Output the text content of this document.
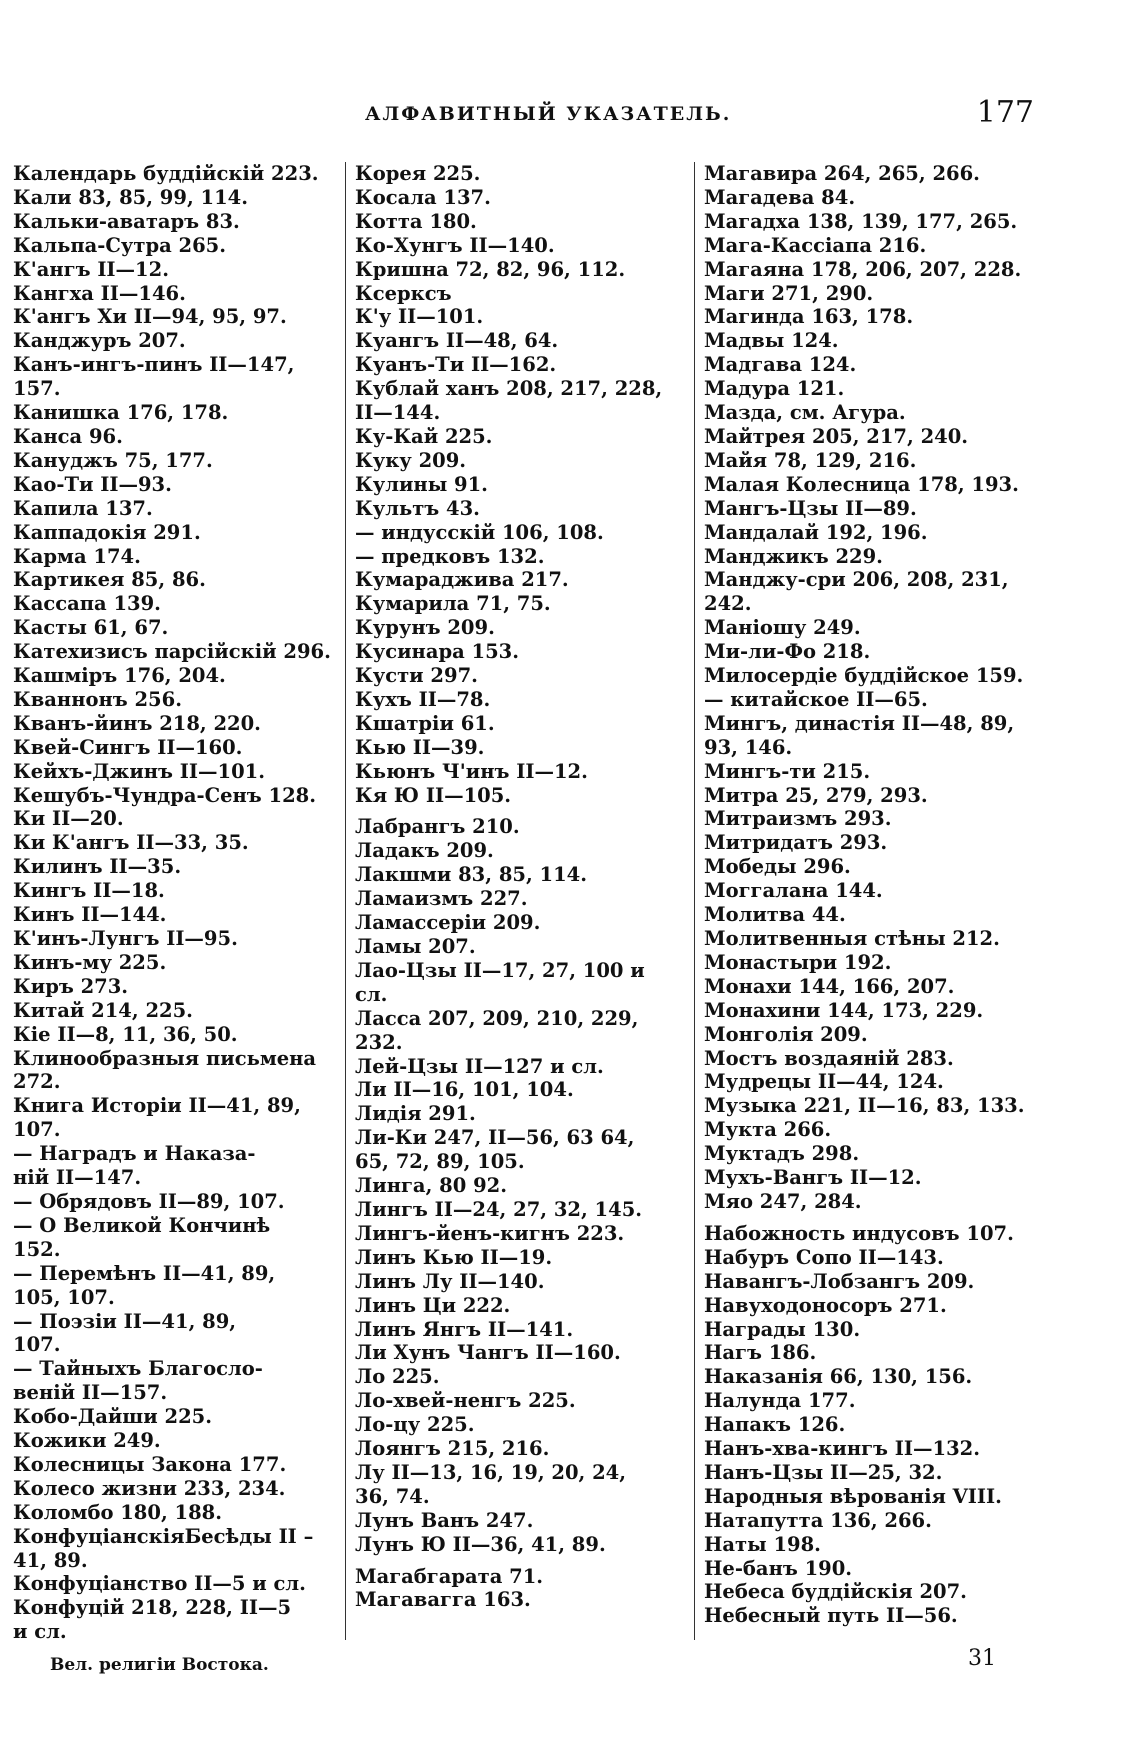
АЛФАВИТНЫЙ УКАЗАТЕЛЬ.	177
Календарь буддійскій 223.
Кали 83, 85, 99, 114.
Кальки-аватаръ 83.
Кальпа-Сутра 265.
К'ангъ II—12.
Кангха II—146.
К'ангъ Хи II—94, 95, 97.
Канджуръ 207.
Канъ-ингъ-пинъ II—147,
157.
Канишка 176, 178.
Канса 96.
Кануджъ 75, 177.
Као-Ти II—93.
Капила 137.
Каппадокія 291.
Карма 174.
Картикея 85, 86.
Кассапа 139.
Касты 61, 67.
Катехизисъ парсійскій 296.
Кашміръ 176, 204.
Кваннонъ 256.
Кванъ-йинъ 218, 220.
Квей-Сингъ II—160.
Кейхъ-Джинъ II—101.
Кешубъ-Чундра-Сенъ 128.
Ки II—20.
Ки К'ангъ II—33, 35.
Килинъ II—35.
Кингъ II—18.
Кинъ II—144.
К'инъ-Лунгъ II—95.
Кинъ-му 225.
Киръ 273.
Китай 214, 225.
Кіе II—8, 11, 36, 50.
Клинообразныя письмена
272.
Книга Исторіи II—41, 89,
107.
— Наградъ и Наказа-
ній II—147.
— Обрядовъ II—89, 107.
— О Великой Кончинѣ
152.
— Перемѣнъ II—41, 89,
105, 107.
— Поэзіи II—41, 89,
107.
— Тайныхъ Благосло-
веній II—157.
Кобо-Дайши 225.
Кожики 249.
Колесницы Закона 177.
Колесо жизни 233, 234.
Коломбо 180, 188.
КонфуціанскіяБесѣды II –
41, 89.
Конфуціанство II—5 и сл.
Конфуцій 218, 228, II—5
и сл.
Корея 225.
Косала 137.
Котта 180.
Ко-Хунгъ II—140.
Кришна 72, 82, 96, 112.
Ксерксъ
К'у II—101.
Куангъ II—48, 64.
Куанъ-Ти II—162.
Кублай ханъ 208, 217, 228,
II—144.
Ку-Кай 225.
Куку 209.
Кулины 91.
Культъ 43.
— индусскій 106, 108.
— предковъ 132.
Кумараджива 217.
Кумарила 71, 75.
Курунъ 209.
Кусинара 153.
Кусти 297.
Кухъ II—78.
Кшатріи 61.
Кью II—39.
Кьюнъ Ч'инъ II—12.
Кя Ю II—105.
Лабрангъ 210.
Ладакъ 209.
Лакшми 83, 85, 114.
Ламаизмъ 227.
Ламассеріи 209.
Ламы 207.
Лао-Цзы II—17, 27, 100 и
сл.
Ласса 207, 209, 210, 229,
232.
Лей-Цзы II—127 и сл.
Ли II—16, 101, 104.
Лидія 291.
Ли-Ки 247, II—56, 63 64,
65, 72, 89, 105.
Линга, 80 92.
Лингъ II—24, 27, 32, 145.
Лингъ-йенъ-кигнъ 223.
Линъ Кью II—19.
Линъ Лу II—140.
Линъ Ци 222.
Линъ Янгъ II—141.
Ли Хунъ Чангъ II—160.
Ло 225.
Ло-хвей-ненгъ 225.
Ло-цу 225.
Лоянгъ 215, 216.
Лу II—13, 16, 19, 20, 24,
36, 74.
Лунъ Ванъ 247.
Лунъ Ю II—36, 41, 89.
Магабгарата 71.
Магавагга 163.
Магавира 264, 265, 266.
Магадева 84.
Магадха 138, 139, 177, 265.
Мага-Кассіапа 216.
Магаяна 178, 206, 207, 228.
Маги 271, 290.
Магинда 163, 178.
Мадвы 124.
Мадгава 124.
Мадура 121.
Мазда, см. Агура.
Майтрея 205, 217, 240.
Майя 78, 129, 216.
Малая Колесница 178, 193.
Мангъ-Цзы II—89.
Мандалай 192, 196.
Манджикъ 229.
Манджу-сри 206, 208, 231,
242.
Маніошу 249.
Ми-ли-Фо 218.
Милосердіе буддійское 159.
— китайское II—65.
Мингъ, династія II—48, 89,
93, 146.
Мингъ-ти 215.
Митра 25, 279, 293.
Митраизмъ 293.
Митридатъ 293.
Мобеды 296.
Моггалана 144.
Молитва 44.
Молитвенныя стѣны 212.
Монастыри 192.
Монахи 144, 166, 207.
Монахини 144, 173, 229.
Монголія 209.
Мостъ воздаяній 283.
Мудрецы II—44, 124.
Музыка 221, II—16, 83, 133.
Мукта 266.
Муктадъ 298.
Мухъ-Вангъ II—12.
Мяо 247, 284.
Набожность индусовъ 107.
Набуръ Сопо II—143.
Навангъ-Лобзангъ 209.
Навуходоносоръ 271.
Награды 130.
Нагъ 186.
Наказанія 66, 130, 156.
Налунда 177.
Напакъ 126.
Нанъ-хва-кингъ II—132.
Нанъ-Цзы II—25, 32.
Народныя вѣрованія VIII.
Натапутта 136, 266.
Наты 198.
Не-банъ 190.
Небеса буддійскія 207.
Небесный путь II—56.
Вел. религіи Востока.	31
